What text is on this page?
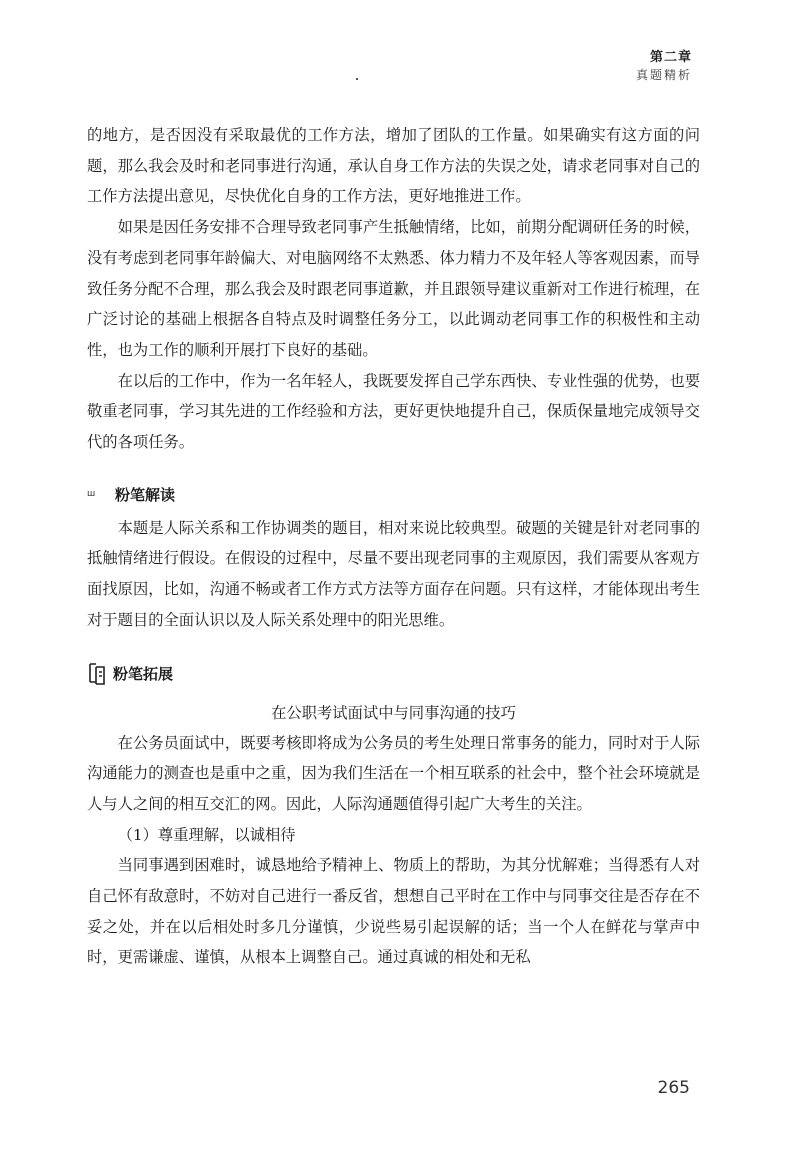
第二章
真题精析

的地方，是否因没有采取最优的工作方法，增加了团队的工作量。如果确实有这方面的问题，那么我会及时和老同事进行沟通，承认自身工作方法的失误之处，请求老同事对自己的工作方法提出意见，尽快优化自身的工作方法，更好地推进工作。

如果是因任务安排不合理导致老同事产生抵触情绪，比如，前期分配调研任务的时候，没有考虑到老同事年龄偏大、对电脑网络不太熟悉、体力精力不及年轻人等客观因素，而导致任务分配不合理，那么我会及时跟老同事道歉，并且跟领导建议重新对工作进行梳理，在广泛讨论的基础上根据各自特点及时调整任务分工，以此调动老同事工作的积极性和主动性，也为工作的顺利开展打下良好的基础。

在以后的工作中，作为一名年轻人，我既要发挥自己学东西快、专业性强的优势，也要敬重老同事，学习其先进的工作经验和方法，更好更快地提升自己，保质保量地完成领导交代的各项任务。

ш	粉笔解读

本题是人际关系和工作协调类的题目，相对来说比较典型。破题的关键是针对老同事的抵触情绪进行假设。在假设的过程中，尽量不要出现老同事的主观原因，我们需要从客观方面找原因，比如，沟通不畅或者工作方式方法等方面存在问题。只有这样，才能体现出考生对于题目的全面认识以及人际关系处理中的阳光思维。

粉笔拓展

在公职考试面试中与同事沟通的技巧

在公务员面试中，既要考核即将成为公务员的考生处理日常事务的能力，同时对于人际沟通能力的测查也是重中之重，因为我们生活在一个相互联系的社会中，整个社会环境就是人与人之间的相互交汇的网。因此，人际沟通题值得引起广大考生的关注。

（1）尊重理解，以诚相待

当同事遇到困难时，诚恳地给予精神上、物质上的帮助，为其分忧解难；当得悉有人对自己怀有敌意时，不妨对自己进行一番反省，想想自己平时在工作中与同事交往是否存在不妥之处，并在以后相处时多几分谨慎，少说些易引起误解的话；当一个人在鲜花与掌声中时，更需谦虚、谨慎，从根本上调整自己。通过真诚的相处和无私

265
